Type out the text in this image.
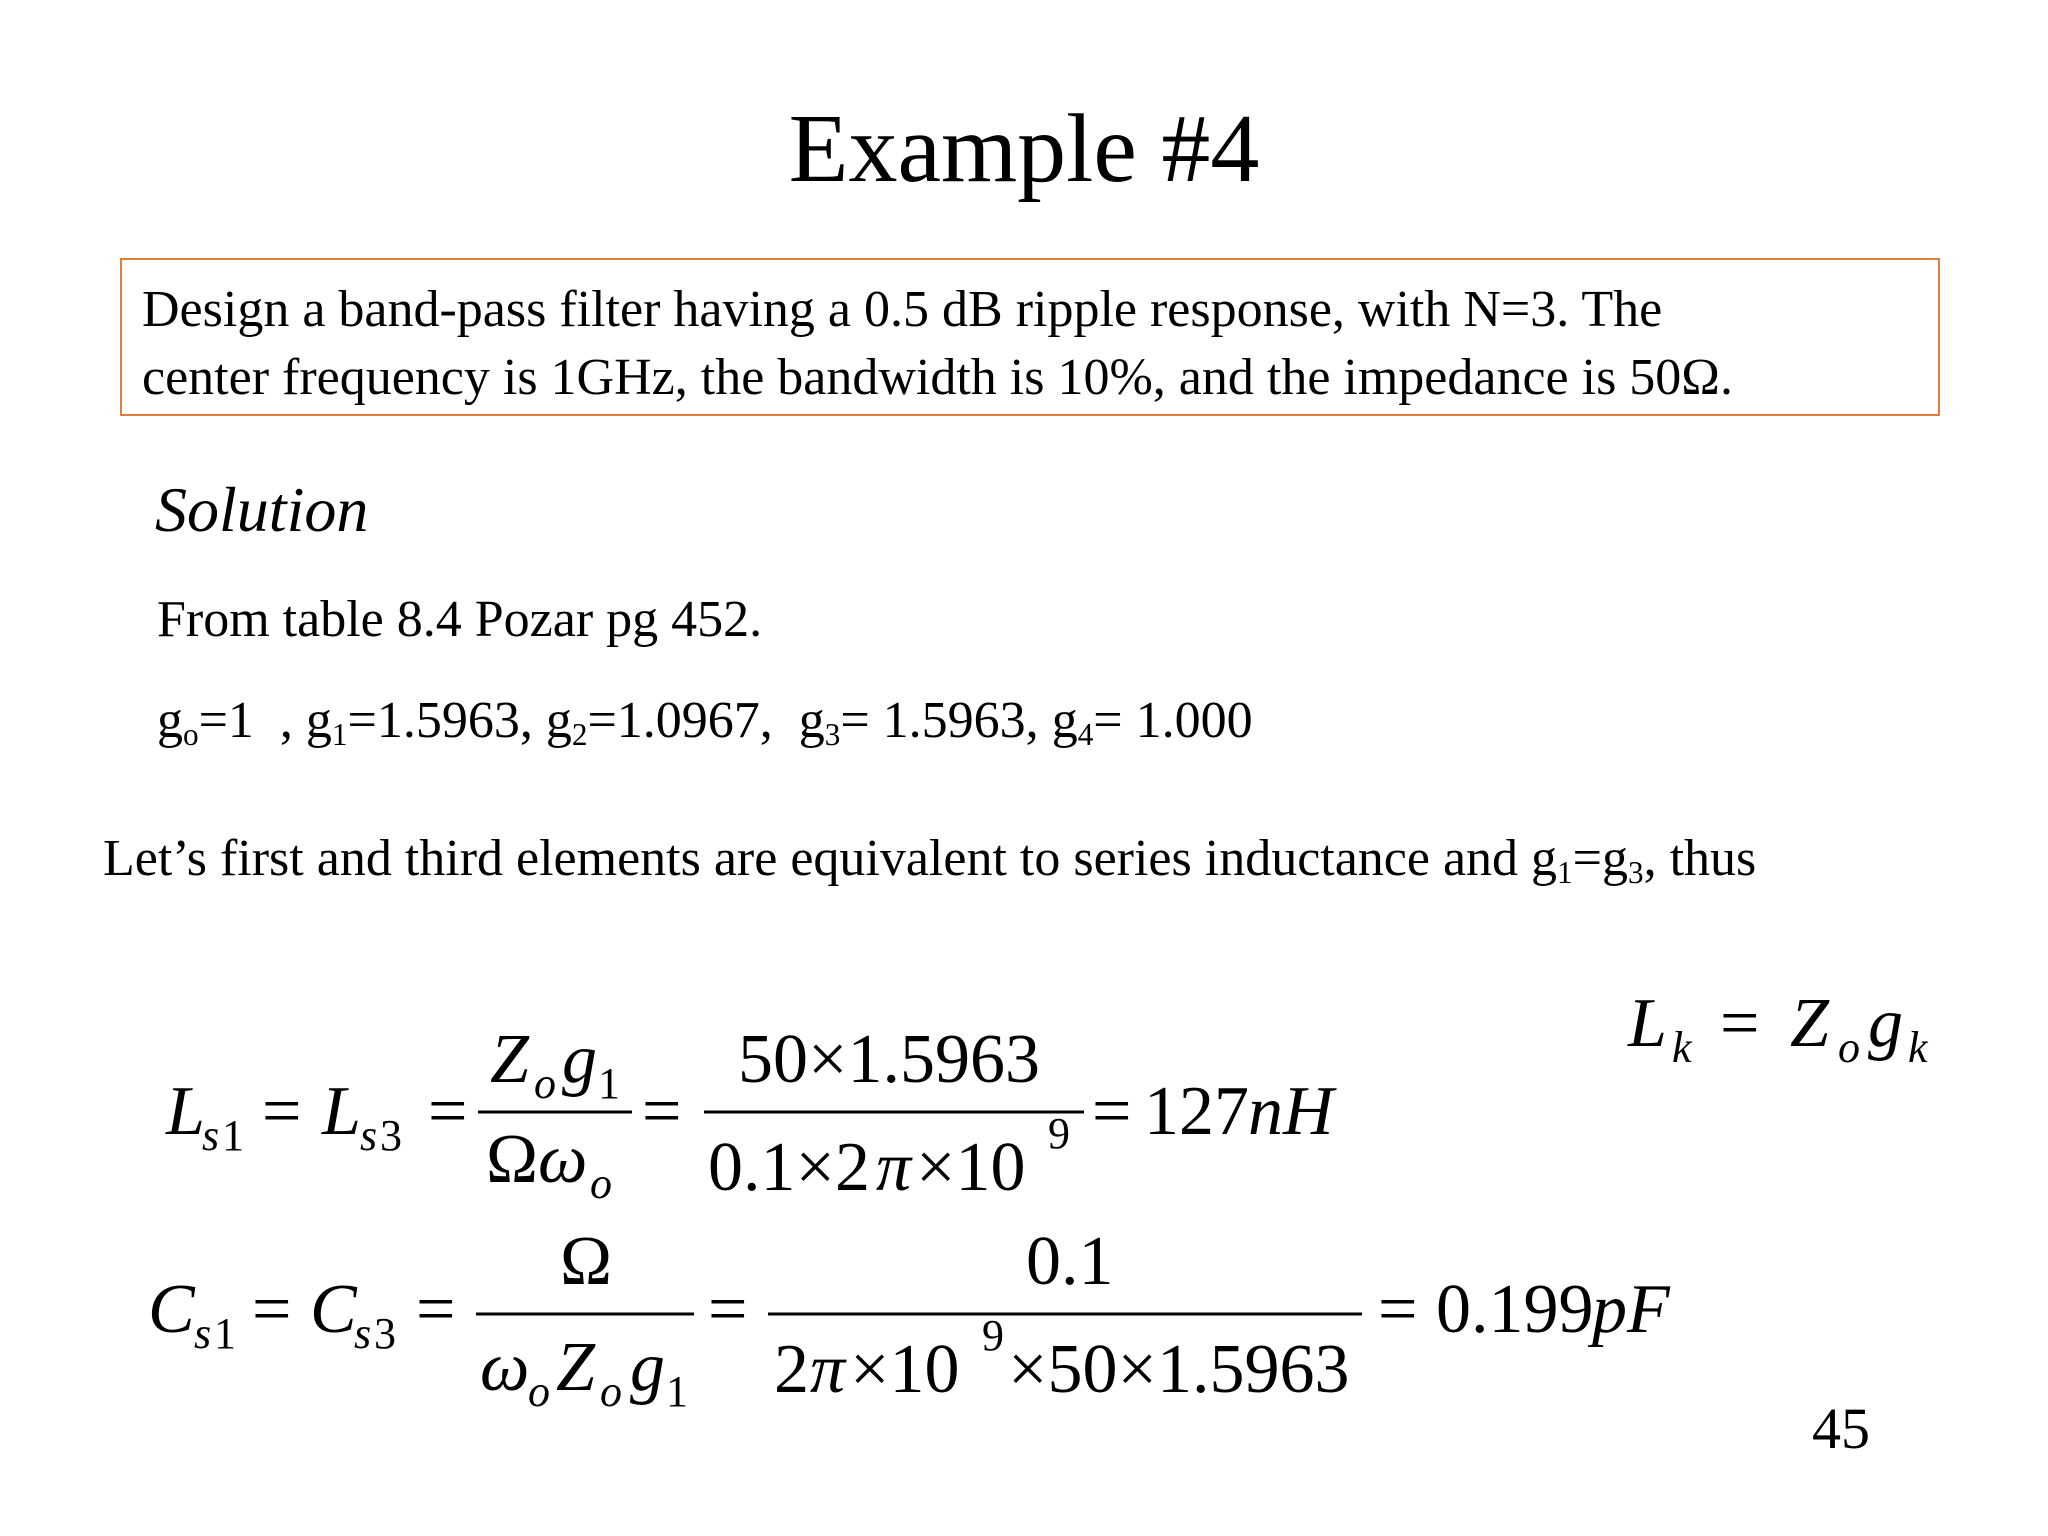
Example #4
Design a band-pass filter having a 0.5 dB ripple response, with N=3. The
center frequency is 1GHz, the bandwidth is 10%, and the impedance is 50Ω.
Solution
From table 8.4 Pozar pg 452.
$g_o=1$  , $g_1=1.5963$, $g_2=1.0967$,  $g_3= 1.5963$, $g_4= 1.000$
Let’s first and third elements are equivalent to series inductance and $g_1=g_3$, thus
L k = Z o g k
L
s 1 = L s 3 =
Z o g 1
Ω ω o
=
50×1.5963
0.1×2 π ×10 9 = 127 nH
C s 1 = C
s 3 =
Ω
ω
o Z o g 1
=
0.1
2 π ×10 9 ×50×1.5963
= 0.199
pF
45
